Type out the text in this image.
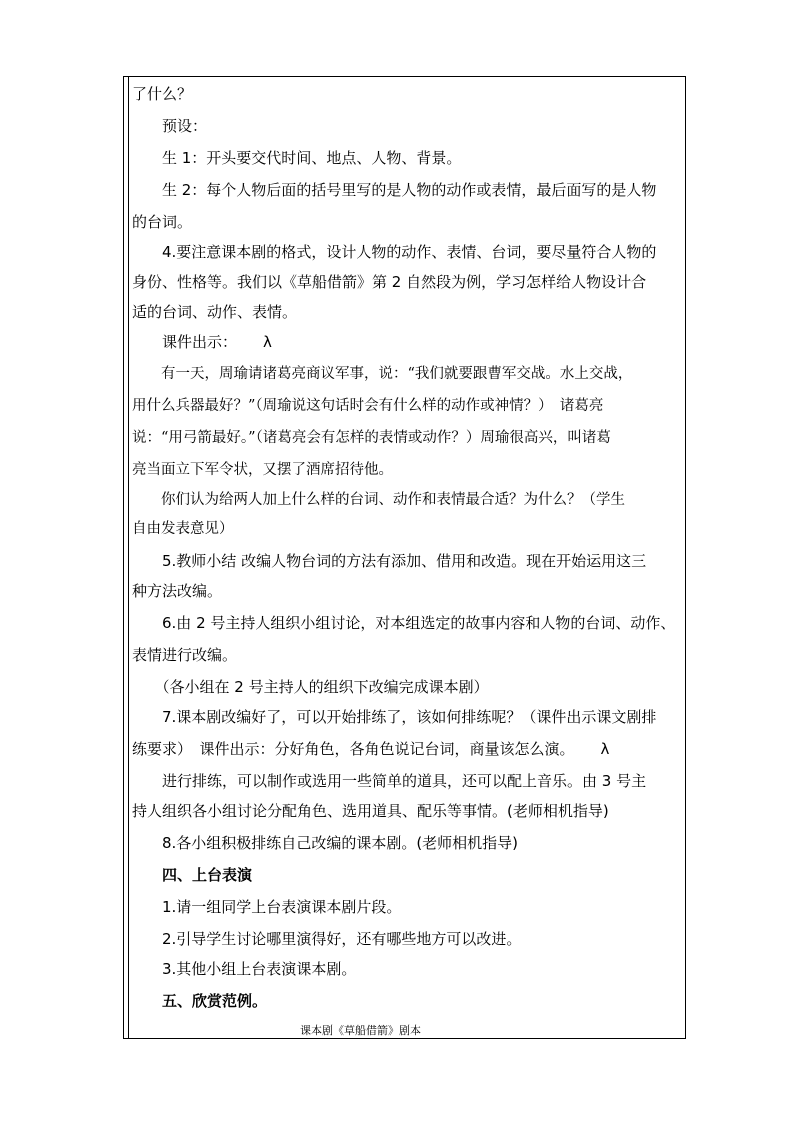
了什么？
　　预设：
　　生 1：开头要交代时间、地点、人物、背景。
　　生 2：每个人物后面的括号里写的是人物的动作或表情，最后面写的是人物
的台词。
　　4.要注意课本剧的格式，设计人物的动作、表情、台词，要尽量符合人物的
身份、性格等。我们以《草船借箭》第 2 自然段为例，学习怎样给人物设计合
适的台词、动作、表情。
　　课件出示： λ
　　有一天，周瑜请诸葛亮商议军事，说：“我们就要跟曹军交战。水上交战，
用什么兵器最好？”（周瑜说这句话时会有什么样的动作或神情？）　诸葛亮
说：“用弓箭最好。”（诸葛亮会有怎样的表情或动作？）周瑜很高兴，叫诸葛
亮当面立下军令状，又摆了酒席招待他。
　　你们认为给两人加上什么样的台词、动作和表情最合适？为什么？（学生
自由发表意见）
　　5.教师小结 改编人物台词的方法有添加、借用和改造。现在开始运用这三
种方法改编。
　　6.由 2 号主持人组织小组讨论，对本组选定的故事内容和人物的台词、动作、
表情进行改编。
　　（各小组在 2 号主持人的组织下改编完成课本剧）
　　7.课本剧改编好了，可以开始排练了，该如何排练呢？（课件出示课文剧排
练要求）　课件出示：分好角色，各角色说记台词，商量该怎么演。 λ
　　进行排练，可以制作或选用一些简单的道具，还可以配上音乐。由 3 号主
持人组织各小组讨论分配角色、选用道具、配乐等事情。(老师相机指导)
　　8.各小组积极排练自己改编的课本剧。(老师相机指导)
　　四、上台表演
　　1.请一组同学上台表演课本剧片段。
　　2.引导学生讨论哪里演得好，还有哪些地方可以改进。
　　3.其他小组上台表演课本剧。
　　五、欣赏范例。
课本剧《草船借箭》剧本
